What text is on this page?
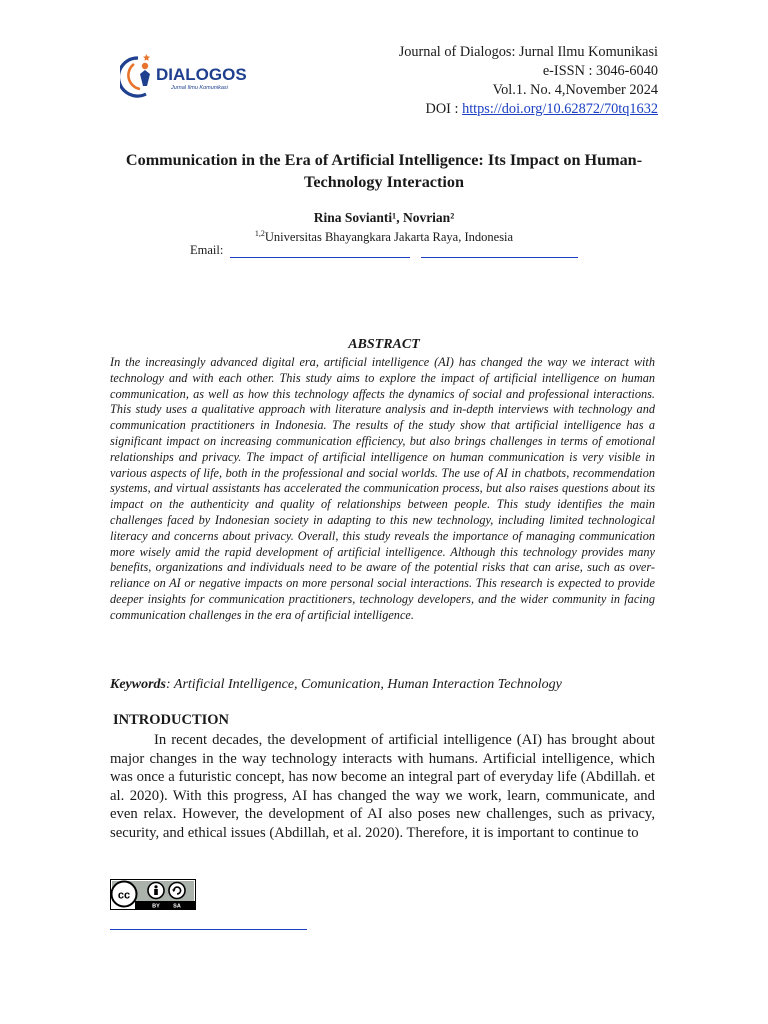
DIALOGOS
Jurnal Ilmu Komunikasi
Journal of Dialogos: Jurnal Ilmu Komunikasi
e-ISSN : 3046-6040
Vol.1. No. 4,November 2024
DOI : https://doi.org/10.62872/70tq1632
Communication in the Era of Artificial Intelligence: Its Impact on Human-Technology Interaction
Rina Sovianti¹, Novrian²
$^{1,2}$Universitas Bhayangkara Jakarta Raya, Indonesia
Email:
ABSTRACT
In the increasingly advanced digital era, artificial intelligence (AI) has changed the way we interact with technology and with each other. This study aims to explore the impact of artificial intelligence on human communication, as well as how this technology affects the dynamics of social and professional interactions. This study uses a qualitative approach with literature analysis and in-depth interviews with technology and communication practitioners in Indonesia. The results of the study show that artificial intelligence has a significant impact on increasing communication efficiency, but also brings challenges in terms of emotional relationships and privacy. The impact of artificial intelligence on human communication is very visible in various aspects of life, both in the professional and social worlds. The use of AI in chatbots, recommendation systems, and virtual assistants has accelerated the communication process, but also raises questions about its impact on the authenticity and quality of relationships between people. This study identifies the main challenges faced by Indonesian society in adapting to this new technology, including limited technological literacy and concerns about privacy. Overall, this study reveals the importance of managing communication more wisely amid the rapid development of artificial intelligence. Although this technology provides many benefits, organizations and individuals need to be aware of the potential risks that can arise, such as over-reliance on AI or negative impacts on more personal social interactions. This research is expected to provide deeper insights for communication practitioners, technology developers, and the wider community in facing communication challenges in the era of artificial intelligence.
Keywords: Artificial Intelligence, Comunication, Human Interaction Technology
INTRODUCTION
In recent decades, the development of artificial intelligence (AI) has brought about major changes in the way technology interacts with humans. Artificial intelligence, which was once a futuristic concept, has now become an integral part of everyday life (Abdillah. et al. 2020). With this progress, AI has changed the way we work, learn, communicate, and even relax. However, the development of AI also poses new challenges, such as privacy, security, and ethical issues (Abdillah, et al. 2020). Therefore, it is important to continue to
cc
BY SA
